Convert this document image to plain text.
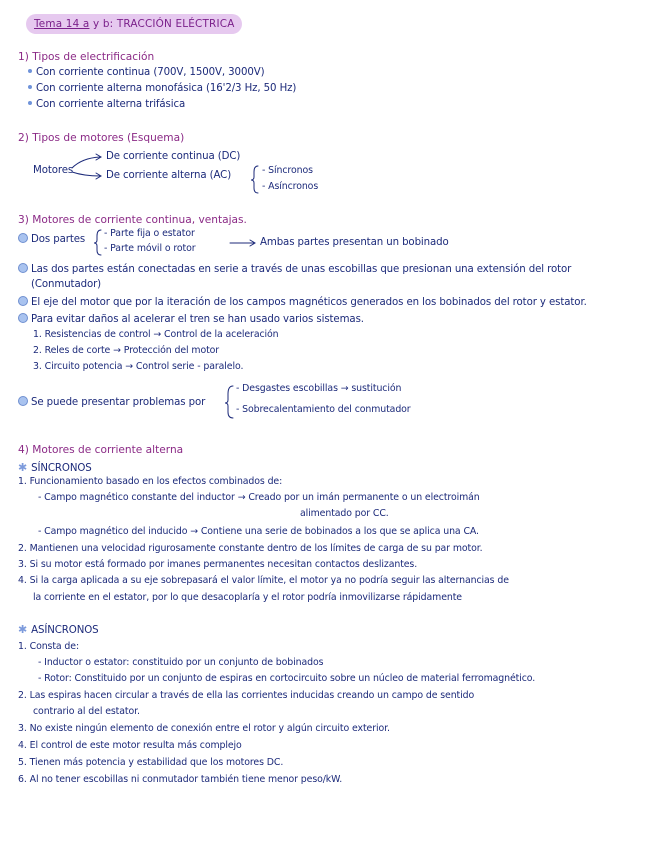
Tema 14 a y b: TRACCIÓN ELÉCTRICA
1) Tipos de electrificación
Con corriente continua (700V, 1500V, 3000V)
Con corriente alterna monofásica (16'2/3 Hz, 50 Hz)
Con corriente alterna trifásica
2) Tipos de motores (Esquema)
Motores
De corriente continua (DC)
De corriente alterna (AC)	- Síncronos
- Asíncronos
3) Motores de corriente continua, ventajas.
Dos partes
- Parte fija o estator
- Parte móvil o rotor
Ambas partes presentan un bobinado
Las dos partes están conectadas en serie a través de unas escobillas que presionan una extensión del rotor
(Conmutador)
El eje del motor que por la iteración de los campos magnéticos generados en los bobinados del rotor y estator.
Para evitar daños al acelerar el tren se han usado varios sistemas.
1. Resistencias de control → Control de la aceleración
2. Reles de corte → Protección del motor
3. Circuito potencia → Control serie - paralelo.
Se puede presentar problemas por
- Desgastes escobillas → sustitución
- Sobrecalentamiento del conmutador
4) Motores de corriente alterna
✱ SÍNCRONOS
1. Funcionamiento basado en los efectos combinados de:
- Campo magnético constante del inductor → Creado por un imán permanente o un electroimán
alimentado por CC.
- Campo magnético del inducido → Contiene una serie de bobinados a los que se aplica una CA.
2. Mantienen una velocidad rigurosamente constante dentro de los límites de carga de su par motor.
3. Si su motor está formado por imanes permanentes necesitan contactos deslizantes.
4. Si la carga aplicada a su eje sobrepasará el valor límite, el motor ya no podría seguir las alternancias de
la corriente en el estator, por lo que desacoplaría y el rotor podría inmovilizarse rápidamente
✱ ASÍNCRONOS
1. Consta de:
- Inductor o estator: constituido por un conjunto de bobinados
- Rotor: Constituido por un conjunto de espiras en cortocircuito sobre un núcleo de material ferromagnético.
2. Las espiras hacen circular a través de ella las corrientes inducidas creando un campo de sentido
contrario al del estator.
3. No existe ningún elemento de conexión entre el rotor y algún circuito exterior.
4. El control de este motor resulta más complejo
5. Tienen más potencia y estabilidad que los motores DC.
6. Al no tener escobillas ni conmutador también tiene menor peso/kW.
